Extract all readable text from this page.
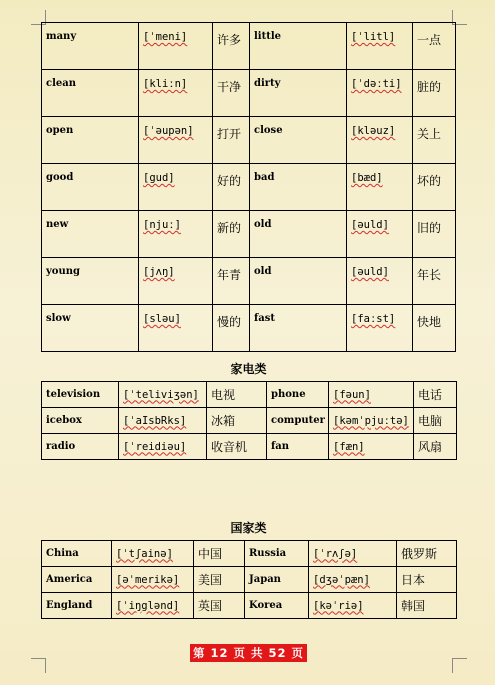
many	[ˈmeni]	许多	little	[ˈlitl]	一点
clean	[kliːn]	干净	dirty	[ˈdəːti]	脏的
open	[ˈəupən]	打开	close	[kləuz]	关上
good	[gud]	好的	bad	[bæd]	坏的
new	[njuː]	新的	old	[əuld]	旧的
young	[jʌŋ]	年青	old	[əuld]	年长
slow	[sləu]	慢的	fast	[faːst]	快地
家电类
television	[ˈteliviʒən]	电视	phone	[fəun]	电话
icebox	[ˈaIsbRks]	冰箱	computer	[kəmˈpjuːtə]	电脑
radio	[ˈreidiəu]	收音机	fan	[fæn]	风扇
国家类
China	[ˈtʃainə]	中国	Russia	[ˈrʌʃə]	俄罗斯
America	[əˈmerikə]	美国	Japan	[dʒəˈpæn]	日本
England	[ˈiŋglənd]	英国	Korea	[kəˈriə]	韩国
第 12 页 共 52 页
